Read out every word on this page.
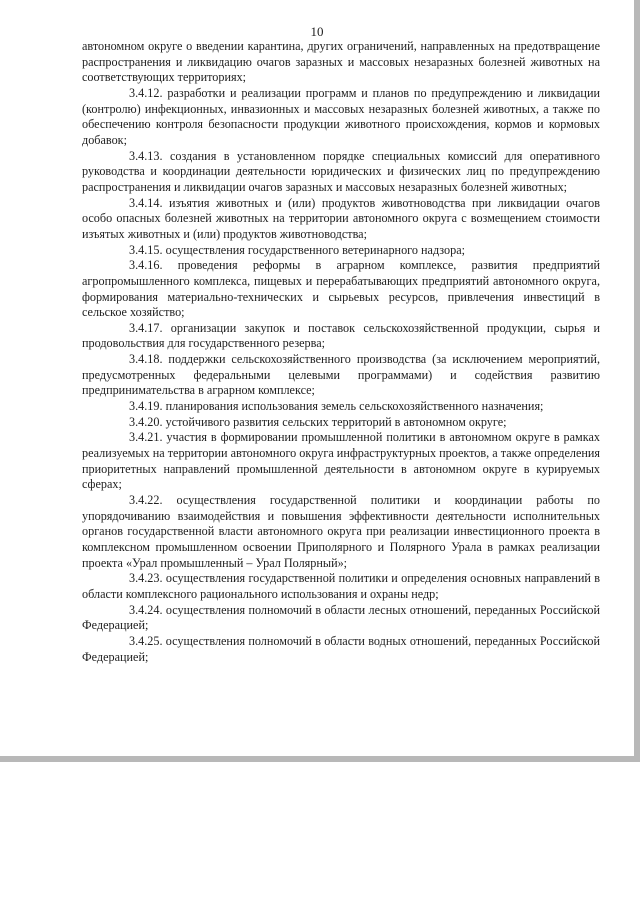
10

автономном округе о введении карантина, других ограничений, направленных на предотвращение распространения и ликвидацию очагов заразных и массовых незаразных болезней животных на соответствующих территориях;

3.4.12. разработки и реализации программ и планов по предупреждению и ликвидации (контролю) инфекционных, инвазионных и массовых незаразных болезней животных, а также по обеспечению контроля безопасности продукции животного происхождения, кормов и кормовых добавок;

3.4.13. создания в установленном порядке специальных комиссий для оперативного руководства и координации деятельности юридических и физических лиц по предупреждению распространения и ликвидации очагов заразных и массовых незаразных болезней животных;

3.4.14. изъятия животных и (или) продуктов животноводства при ликвидации очагов особо опасных болезней животных на территории автономного округа с возмещением стоимости изъятых животных и (или) продуктов животноводства;

3.4.15. осуществления государственного ветеринарного надзора;

3.4.16. проведения реформы в аграрном комплексе, развития предприятий агропромышленного комплекса, пищевых и перерабатывающих предприятий автономного округа, формирования материально-технических и сырьевых ресурсов, привлечения инвестиций в сельское хозяйство;

3.4.17. организации закупок и поставок сельскохозяйственной продукции, сырья и продовольствия для государственного резерва;

3.4.18. поддержки сельскохозяйственного производства (за исключением мероприятий, предусмотренных федеральными целевыми программами) и содействия развитию предпринимательства в аграрном комплексе;

3.4.19. планирования использования земель сельскохозяйственного назначения;

3.4.20. устойчивого развития сельских территорий в автономном округе;

3.4.21. участия в формировании промышленной политики в автономном округе в рамках реализуемых на территории автономного округа инфраструктурных проектов, а также определения приоритетных направлений промышленной деятельности в автономном округе в курируемых сферах;

3.4.22. осуществления государственной политики и координации работы по упорядочиванию взаимодействия и повышения эффективности деятельности исполнительных органов государственной власти автономного округа при реализации инвестиционного проекта в комплексном промышленном освоении Приполярного и Полярного Урала в рамках реализации проекта «Урал промышленный – Урал Полярный»;

3.4.23. осуществления государственной политики и определения основных направлений в области комплексного рационального использования и охраны недр;

3.4.24. осуществления полномочий в области лесных отношений, переданных Российской Федерацией;

3.4.25. осуществления полномочий в области водных отношений, переданных Российской Федерацией;
